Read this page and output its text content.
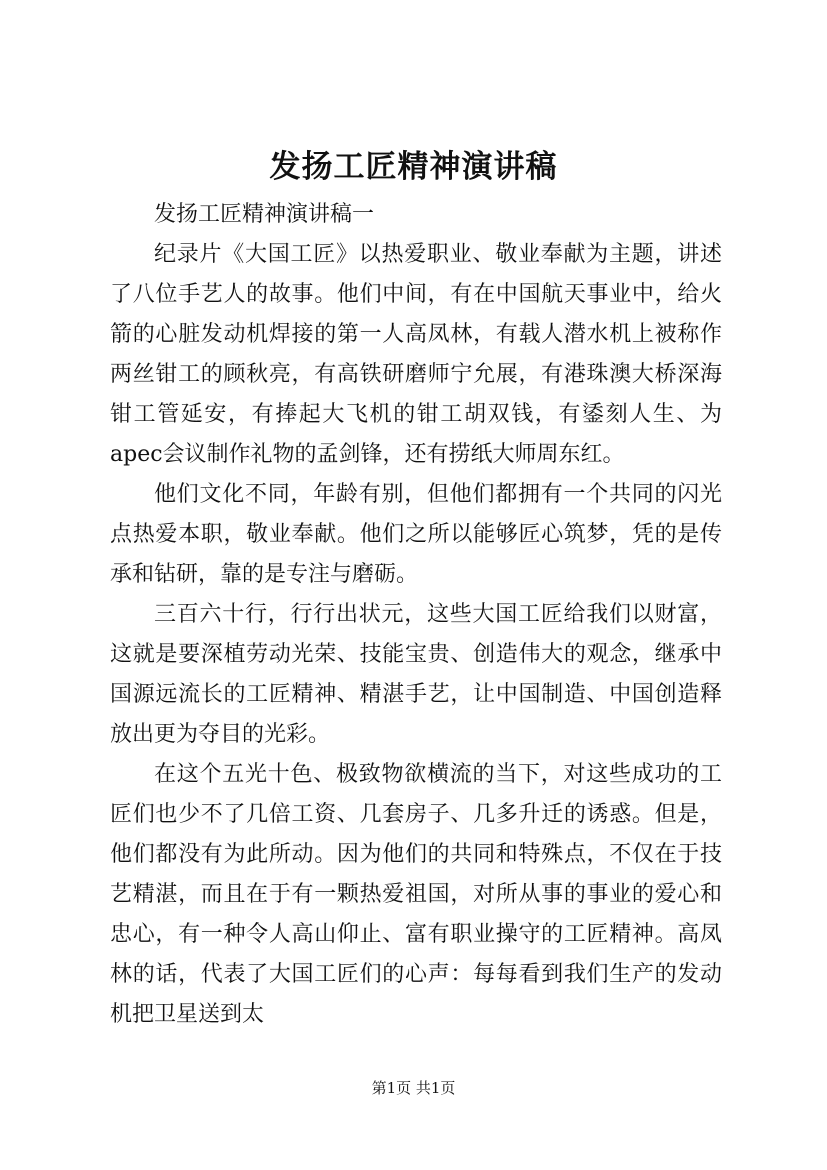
发扬工匠精神演讲稿

发扬工匠精神演讲稿一

纪录片《大国工匠》以热爱职业、敬业奉献为主题，讲述了八位手艺人的故事。他们中间，有在中国航天事业中，给火箭的心脏发动机焊接的第一人高凤林，有载人潜水机上被称作两丝钳工的顾秋亮，有高铁研磨师宁允展，有港珠澳大桥深海钳工管延安，有捧起大飞机的钳工胡双钱，有鋈刻人生、为apec会议制作礼物的孟剑锋，还有捞纸大师周东红。

他们文化不同，年龄有别，但他们都拥有一个共同的闪光点热爱本职，敬业奉献。他们之所以能够匠心筑梦，凭的是传承和钻研，靠的是专注与磨砺。

三百六十行，行行出状元，这些大国工匠给我们以财富，这就是要深植劳动光荣、技能宝贵、创造伟大的观念，继承中国源远流长的工匠精神、精湛手艺，让中国制造、中国创造释放出更为夺目的光彩。

在这个五光十色、极致物欲横流的当下，对这些成功的工匠们也少不了几倍工资、几套房子、几多升迁的诱惑。但是，他们都没有为此所动。因为他们的共同和特殊点，不仅在于技艺精湛，而且在于有一颗热爱祖国，对所从事的事业的爱心和忠心，有一种令人高山仰止、富有职业操守的工匠精神。高凤林的话，代表了大国工匠们的心声：每每看到我们生产的发动机把卫星送到太

第1页 共1页
